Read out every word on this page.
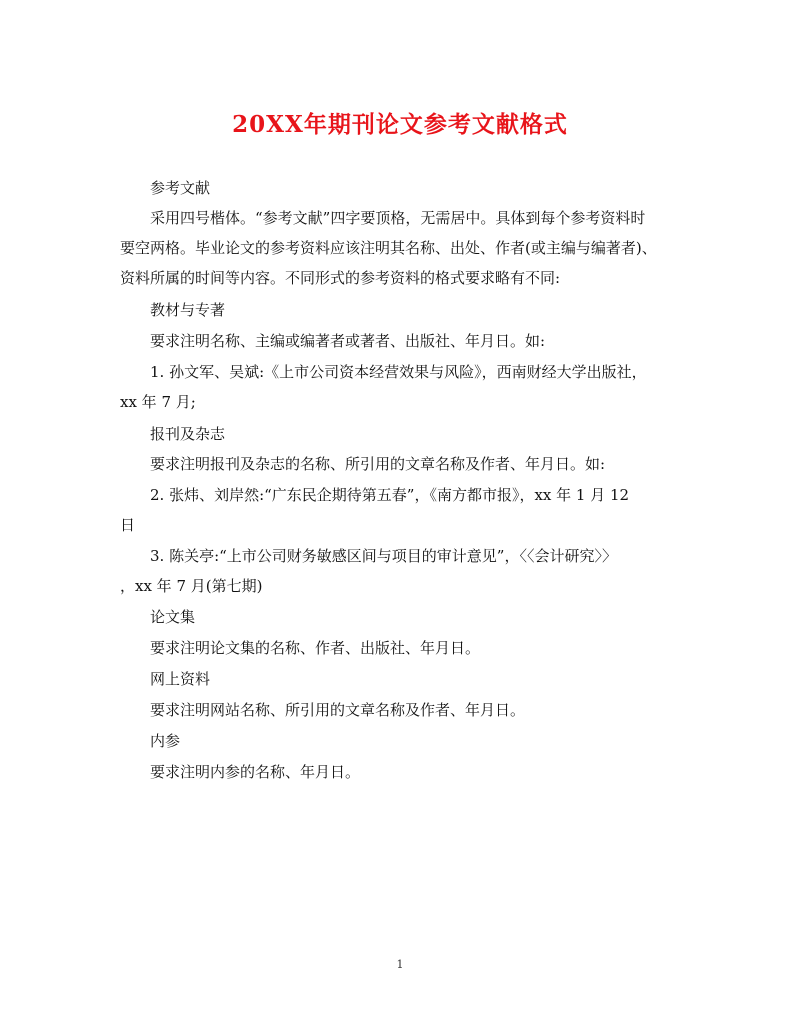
20XX年期刊论文参考文献格式
参考文献
采用四号楷体。“参考文献”四字要顶格，无需居中。具体到每个参考资料时
要空两格。毕业论文的参考资料应该注明其名称、出处、作者(或主编与编著者)、
资料所属的时间等内容。不同形式的参考资料的格式要求略有不同:
教材与专著
要求注明名称、主编或编著者或著者、出版社、年月日。如:
1. 孙文军、吴斌:《上市公司资本经营效果与风险》，西南财经大学出版社，
xx 年 7 月;
报刊及杂志
要求注明报刊及杂志的名称、所引用的文章名称及作者、年月日。如:
2. 张炜、刘岸然:“广东民企期待第五春”，《南方都市报》，xx 年 1 月 12
日
3. 陈关亭:“上市公司财务敏感区间与项目的审计意见”，〈〈会计研究〉〉
，xx 年 7 月(第七期)
论文集
要求注明论文集的名称、作者、出版社、年月日。
网上资料
要求注明网站名称、所引用的文章名称及作者、年月日。
内参
要求注明内参的名称、年月日。
1
